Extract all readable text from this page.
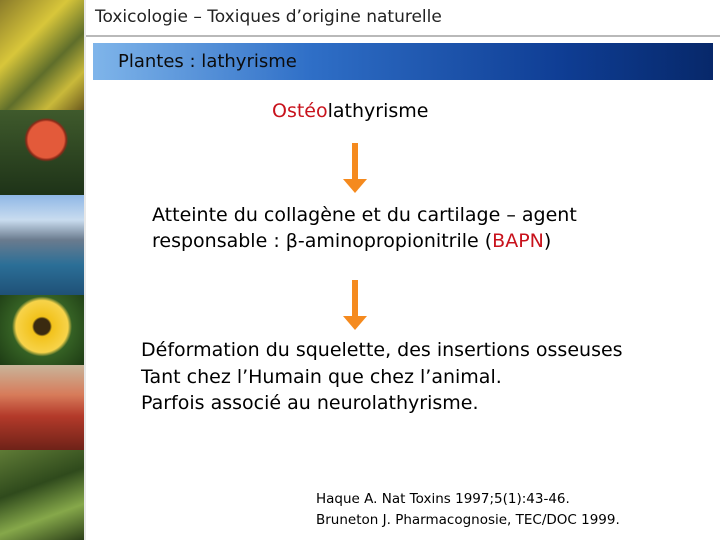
Toxicologie – Toxiques d’origine naturelle
Plantes : lathyrisme
Ostéolathyrisme
Atteinte du collagène et du cartilage – agent
responsable : β-aminopropionitrile (BAPN)
Déformation du squelette, des insertions osseuses
Tant chez l’Humain que chez l’animal.
Parfois associé au neurolathyrisme.
Haque A. Nat Toxins 1997;5(1):43-46.
Bruneton J. Pharmacognosie, TEC/DOC 1999.
